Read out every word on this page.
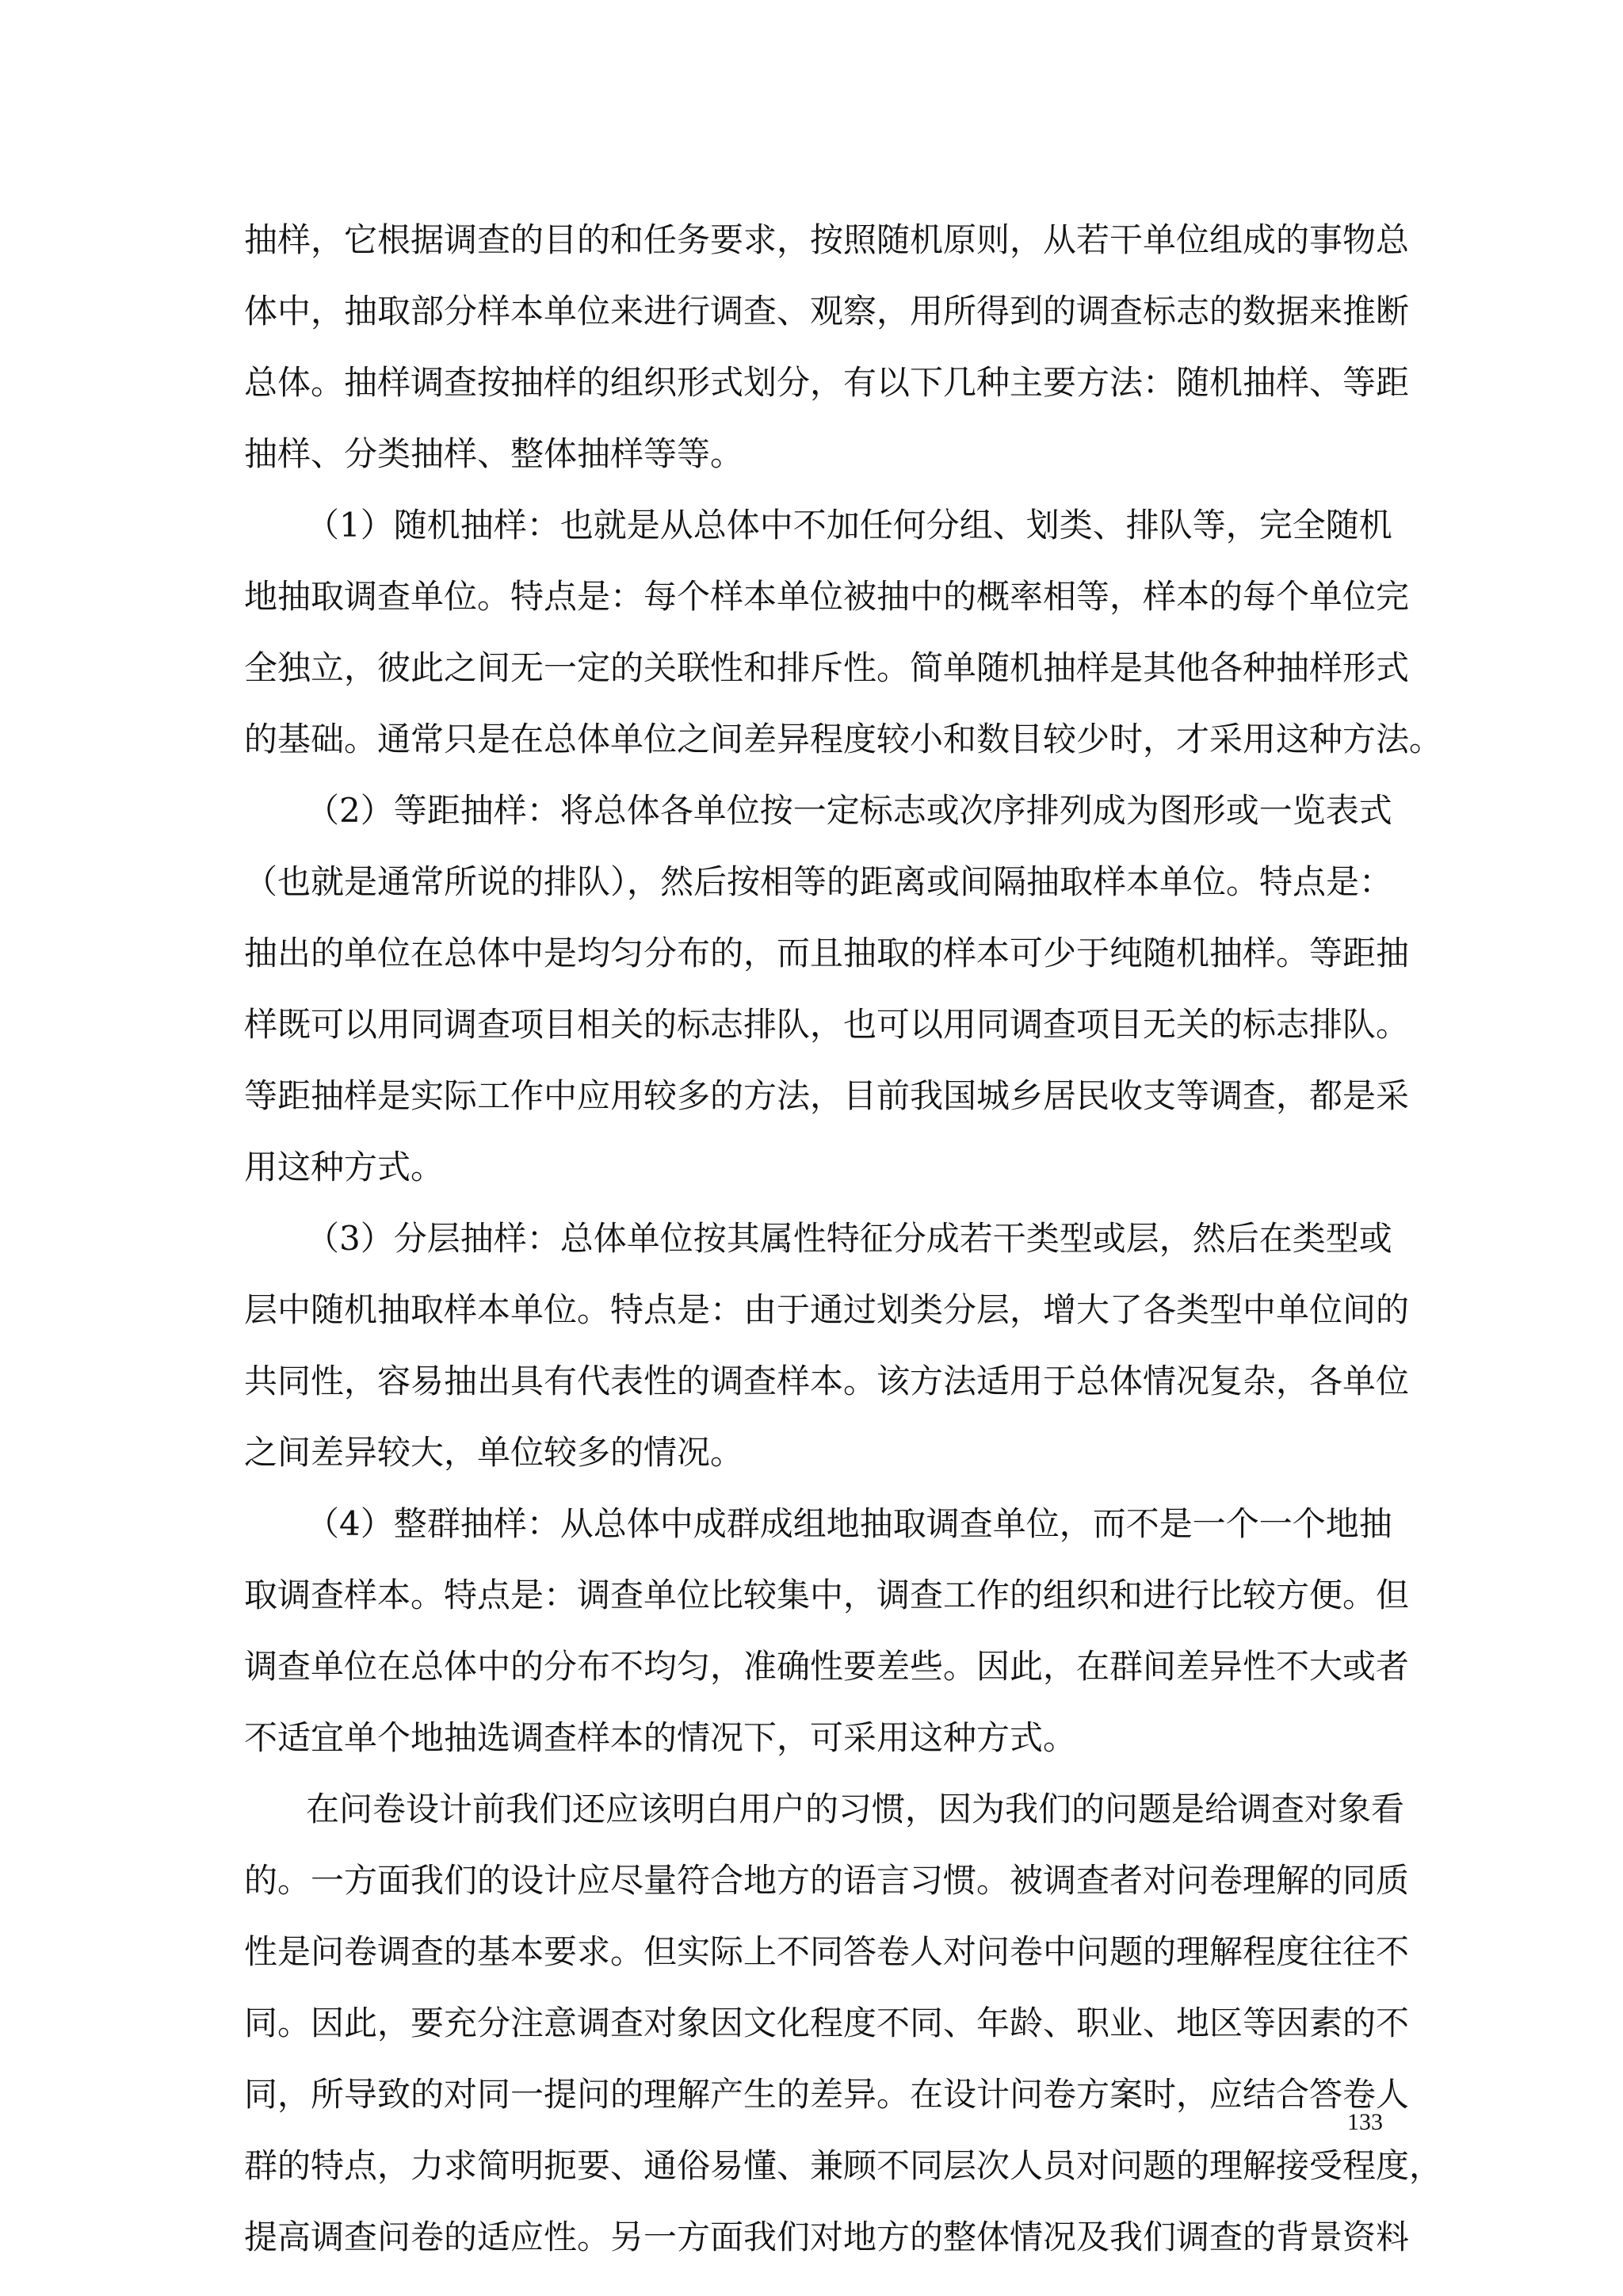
抽样，它根据调查的目的和任务要求，按照随机原则，从若干单位组成的事物总
体中，抽取部分样本单位来进行调查、观察，用所得到的调查标志的数据来推断
总体。抽样调查按抽样的组织形式划分，有以下几种主要方法：随机抽样、等距
抽样、分类抽样、整体抽样等等。
（1）随机抽样：也就是从总体中不加任何分组、划类、排队等，完全随机
地抽取调查单位。特点是：每个样本单位被抽中的概率相等，样本的每个单位完
全独立，彼此之间无一定的关联性和排斥性。简单随机抽样是其他各种抽样形式
的基础。通常只是在总体单位之间差异程度较小和数目较少时，才采用这种方法。
（2）等距抽样：将总体各单位按一定标志或次序排列成为图形或一览表式
（也就是通常所说的排队），然后按相等的距离或间隔抽取样本单位。特点是：
抽出的单位在总体中是均匀分布的，而且抽取的样本可少于纯随机抽样。等距抽
样既可以用同调查项目相关的标志排队，也可以用同调查项目无关的标志排队。
等距抽样是实际工作中应用较多的方法，目前我国城乡居民收支等调查，都是采
用这种方式。
（3）分层抽样：总体单位按其属性特征分成若干类型或层，然后在类型或
层中随机抽取样本单位。特点是：由于通过划类分层，增大了各类型中单位间的
共同性，容易抽出具有代表性的调查样本。该方法适用于总体情况复杂，各单位
之间差异较大，单位较多的情况。
（4）整群抽样：从总体中成群成组地抽取调查单位，而不是一个一个地抽
取调查样本。特点是：调查单位比较集中，调查工作的组织和进行比较方便。但
调查单位在总体中的分布不均匀，准确性要差些。因此，在群间差异性不大或者
不适宜单个地抽选调查样本的情况下，可采用这种方式。
在问卷设计前我们还应该明白用户的习惯，因为我们的问题是给调查对象看
的。一方面我们的设计应尽量符合地方的语言习惯。被调查者对问卷理解的同质
性是问卷调查的基本要求。但实际上不同答卷人对问卷中问题的理解程度往往不
同。因此，要充分注意调查对象因文化程度不同、年龄、职业、地区等因素的不
同，所导致的对同一提问的理解产生的差异。在设计问卷方案时，应结合答卷人
群的特点，力求简明扼要、通俗易懂、兼顾不同层次人员对问题的理解接受程度，
提高调查问卷的适应性。另一方面我们对地方的整体情况及我们调查的背景资料
133
